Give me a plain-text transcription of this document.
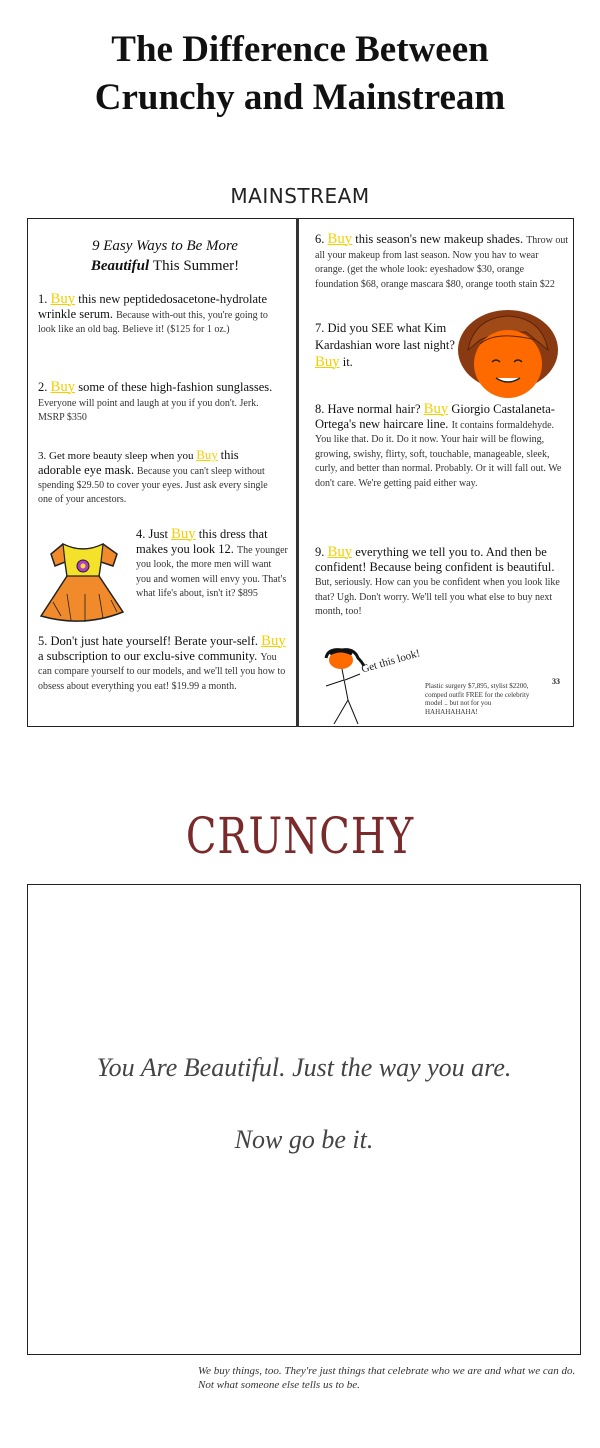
The Difference Between
Crunchy and Mainstream
MAINSTREAM
9 Easy Ways to Be More
Beautiful This Summer!
1. Buy this new peptidedosacetone-hydrolate wrinkle serum. Because with-out this, you're going to look like an old bag. Believe it! ($125 for 1 oz.)
2. Buy some of these high-fashion sunglasses. Everyone will point and laugh at you if you don't. Jerk. MSRP $350
3. Get more beauty sleep when you Buy this adorable eye mask. Because you can't sleep without spending $29.50 to cover your eyes. Just ask every single one of your ancestors.
4. Just Buy this dress that makes you look 12. The younger you look, the more men will want you and women will envy you. That's what life's about, isn't it? $895
5. Don't just hate yourself! Berate your-self. Buy a subscription to our exclu-sive community. You can compare yourself to our models, and we'll tell you how to obsess about everything you eat! $19.99 a month.
6. Buy this season's new makeup shades. Throw out all your makeup from last season. Now you hav to wear orange. (get the whole look: eyeshadow $30, orange foundation $68, orange mascara $80, orange tooth stain $22
7. Did you SEE what Kim Kardashian wore last night? Buy it.
8. Have normal hair? Buy Giorgio Castalaneta-Ortega's new haircare line. It contains formaldehyde. You like that. Do it. Do it now. Your hair will be flowing, growing, swishy, flirty, soft, touchable, manageable, sleek, curly, and better than normal. Probably. Or it will fall out. We don't care. We're getting paid either way.
9. Buy everything we tell you to. And then be confident! Because being confident is beautiful. But, seriously. How can you be confident when you look like that? Ugh. Don't worry. We'll tell you what else to buy next month, too!
Get this look!
Plastic surgery $7,895, stylist $2200, comped outfit FREE for the celebrity model .. but not for you HAHAHAHAHA!
33
CRUNCHY
You Are Beautiful. Just the way you are.
Now go be it.
We buy things, too. They're just things that celebrate who we are and what we can do. Not what someone else tells us to be.
